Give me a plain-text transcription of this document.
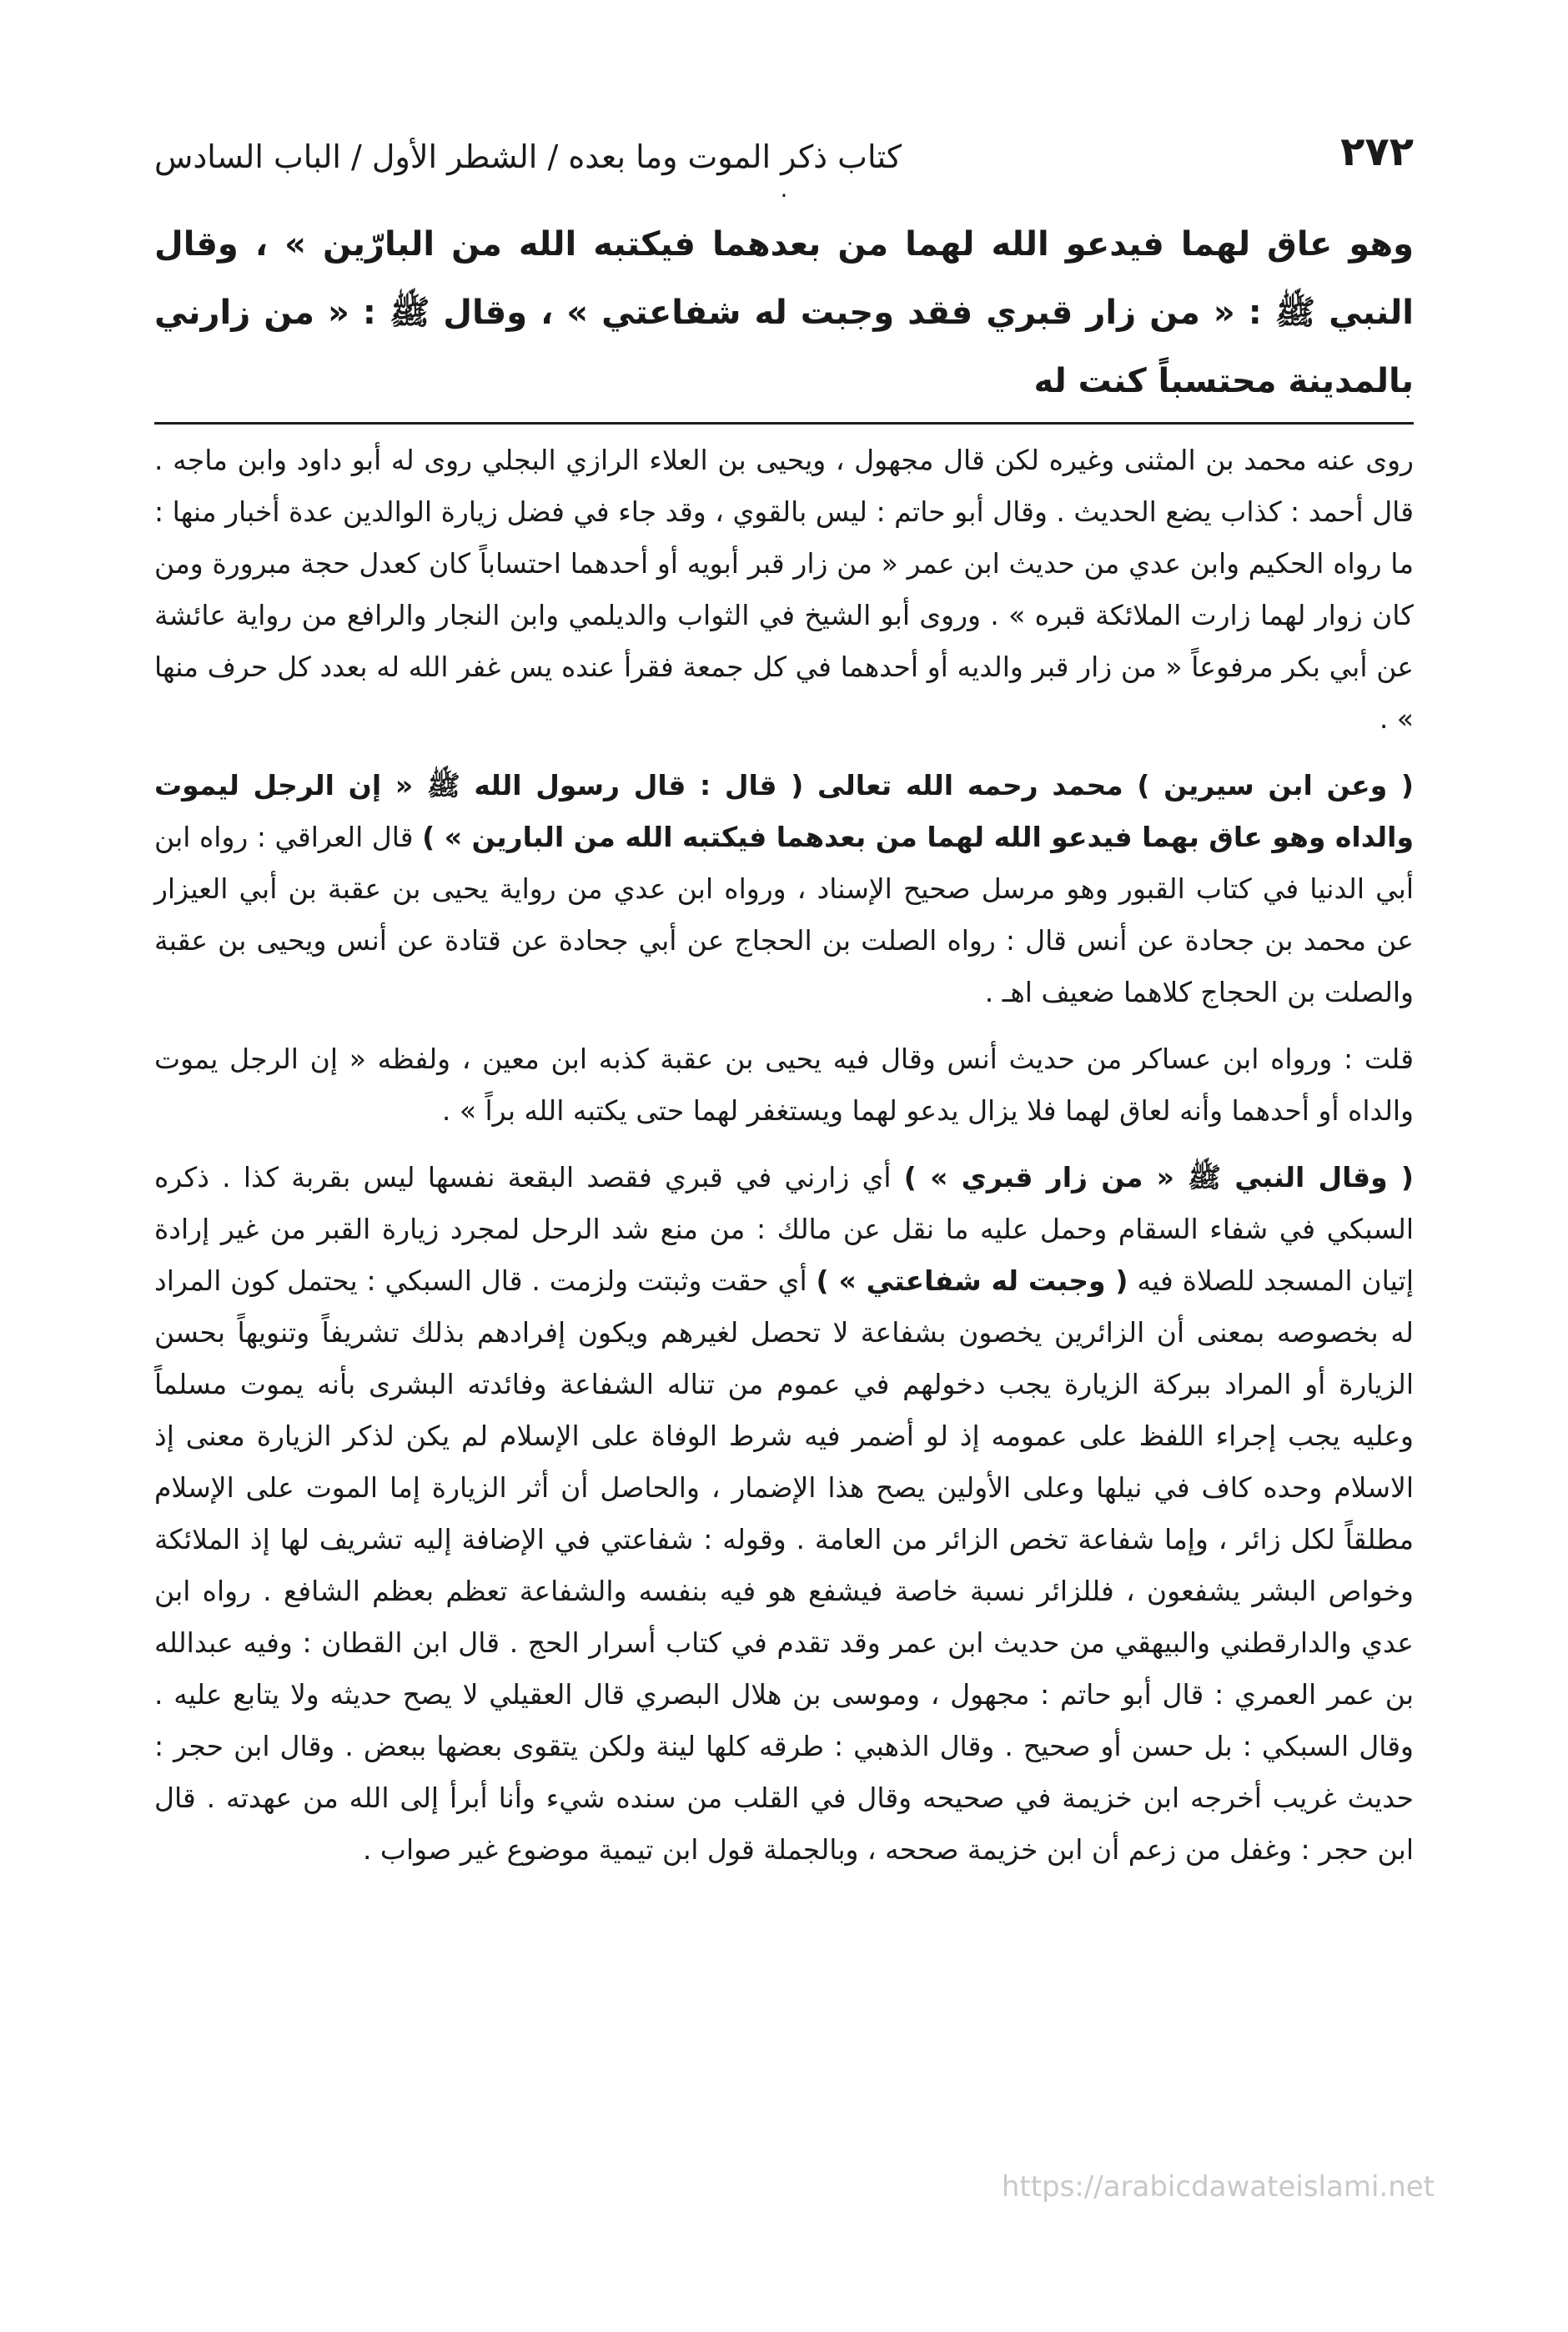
٢٧٢
كتاب ذكر الموت وما بعده / الشطر الأول / الباب السادس
.
وهو عاق لهما فيدعو الله لهما من بعدهما فيكتبه الله من البارّين » ، وقال النبي ﷺ : « من زار قبري فقد وجبت له شفاعتي » ، وقال ﷺ : « من زارني بالمدينة محتسباً كنت له

روى عنه محمد بن المثنى وغيره لكن قال مجهول ، ويحيى بن العلاء الرازي البجلي روى له أبو داود وابن ماجه . قال أحمد : كذاب يضع الحديث . وقال أبو حاتم : ليس بالقوي ، وقد جاء في فضل زيارة الوالدين عدة أخبار منها : ما رواه الحكيم وابن عدي من حديث ابن عمر « من زار قبر أبويه أو أحدهما احتساباً كان كعدل حجة مبرورة ومن كان زوار لهما زارت الملائكة قبره » . وروى أبو الشيخ في الثواب والديلمي وابن النجار والرافع من رواية عائشة عن أبي بكر مرفوعاً « من زار قبر والديه أو أحدهما في كل جمعة فقرأ عنده يس غفر الله له بعدد كل حرف منها » .

( وعن ابن سيرين ) محمد رحمه الله تعالى ( قال : قال رسول الله ﷺ « إن الرجل ليموت والداه وهو عاق بهما فيدعو الله لهما من بعدهما فيكتبه الله من البارين » ) قال العراقي : رواه ابن أبي الدنيا في كتاب القبور وهو مرسل صحيح الإسناد ، ورواه ابن عدي من رواية يحيى بن عقبة بن أبي العيزار عن محمد بن جحادة عن أنس قال : رواه الصلت بن الحجاج عن أبي جحادة عن قتادة عن أنس ويحيى بن عقبة والصلت بن الحجاج كلاهما ضعيف اهـ .

قلت : ورواه ابن عساكر من حديث أنس وقال فيه يحيى بن عقبة كذبه ابن معين ، ولفظه « إن الرجل يموت والداه أو أحدهما وأنه لعاق لهما فلا يزال يدعو لهما ويستغفر لهما حتى يكتبه الله براً » .

( وقال النبي ﷺ « من زار قبري » ) أي زارني في قبري فقصد البقعة نفسها ليس بقربة كذا . ذكره السبكي في شفاء السقام وحمل عليه ما نقل عن مالك : من منع شد الرحل لمجرد زيارة القبر من غير إرادة إتيان المسجد للصلاة فيه ( وجبت له شفاعتي » ) أي حقت وثبتت ولزمت . قال السبكي : يحتمل كون المراد له بخصوصه بمعنى أن الزائرين يخصون بشفاعة لا تحصل لغيرهم ويكون إفرادهم بذلك تشريفاً وتنويهاً بحسن الزيارة أو المراد ببركة الزيارة يجب دخولهم في عموم من تناله الشفاعة وفائدته البشرى بأنه يموت مسلماً وعليه يجب إجراء اللفظ على عمومه إذ لو أضمر فيه شرط الوفاة على الإسلام لم يكن لذكر الزيارة معنى إذ الاسلام وحده كاف في نيلها وعلى الأولين يصح هذا الإضمار ، والحاصل أن أثر الزيارة إما الموت على الإسلام مطلقاً لكل زائر ، وإما شفاعة تخص الزائر من العامة . وقوله : شفاعتي في الإضافة إليه تشريف لها إذ الملائكة وخواص البشر يشفعون ، فللزائر نسبة خاصة فيشفع هو فيه بنفسه والشفاعة تعظم بعظم الشافع . رواه ابن عدي والدارقطني والبيهقي من حديث ابن عمر وقد تقدم في كتاب أسرار الحج . قال ابن القطان : وفيه عبدالله بن عمر العمري : قال أبو حاتم : مجهول ، وموسى بن هلال البصري قال العقيلي لا يصح حديثه ولا يتابع عليه . وقال السبكي : بل حسن أو صحيح . وقال الذهبي : طرقه كلها لينة ولكن يتقوى بعضها ببعض . وقال ابن حجر : حديث غريب أخرجه ابن خزيمة في صحيحه وقال في القلب من سنده شيء وأنا أبرأ إلى الله من عهدته . قال ابن حجر : وغفل من زعم أن ابن خزيمة صححه ، وبالجملة قول ابن تيمية موضوع غير صواب .

https://arabicdawateislami.net
